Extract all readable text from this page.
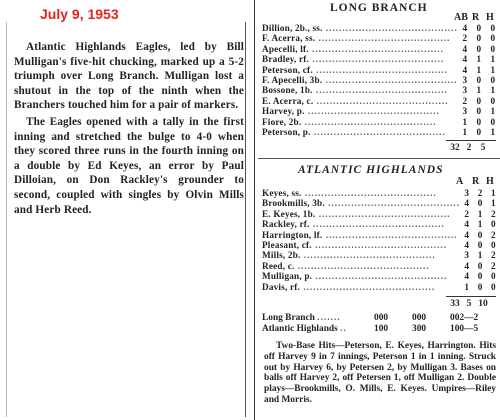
July 9, 1953

Atlantic Highlands Eagles, led by Bill Mulligan's five-hit chucking, marked up a 5-2 triumph over Long Branch. Mulligan lost a shutout in the top of the ninth when the Branchers touched him for a pair of markers.

The Eagles opened with a tally in the first inning and stretched the bulge to 4-0 when they scored three runs in the fourth inning on a double by Ed Keyes, an error by Paul Dilloian, on Don Rackley's grounder to second, coupled with singles by Olvin Mills and Herb Reed.

LONG BRANCH
AB R H
Dillion, 2b., ss. ........................................	4	0	0
F. Acerra, ss. ........................................	2	0	0
Apecelli, lf. ........................................	4	0	0
Bradley, rf. ........................................	4	1	1
Peterson, cf. ........................................	4	1	1
F. Apecelli, 3b. ........................................	3	0	0
Bossone, 1b. ........................................	3	1	1
E. Acerra, c. ........................................	2	0	0
Harvey, p. ........................................	3	0	1
Fiore, 2b. ........................................	1	0	0
Peterson, p. ........................................	1	0	1
32 2 5
ATLANTIC HIGHLANDS
A R H
Keyes, ss. ........................................	3	2	1
Brookmills, 3b. ........................................	4	0	1
E. Keyes, 1b. ........................................	2	1	2
Rackley, rf. ........................................	4	1	0
Harrington, lf. ........................................	4	0	2
Pleasant, cf. ........................................	4	0	0
Mills, 2b. ........................................	3	1	2
Reed, c. ........................................	4	0	2
Mulligan, p. ........................................	4	0	0
Davis, rf. ........................................	1	0	0
33 5 10
Long Branch .......	000	000	002—2
Atlantic Highlands ..	100	300	100—5

Two-Base Hits—Peterson, E. Keyes, Harrington. Hits off Harvey 9 in 7 innings, Peterson 1 in 1 inning. Struck out by Harvey 6, by Petersen 2, by Mulligan 3. Bases on balls off Harvey 2, off Petersen 1, off Mulligan 2. Double plays—Brookmills, O. Mills, E. Keyes. Umpires—Riley and Morris.
